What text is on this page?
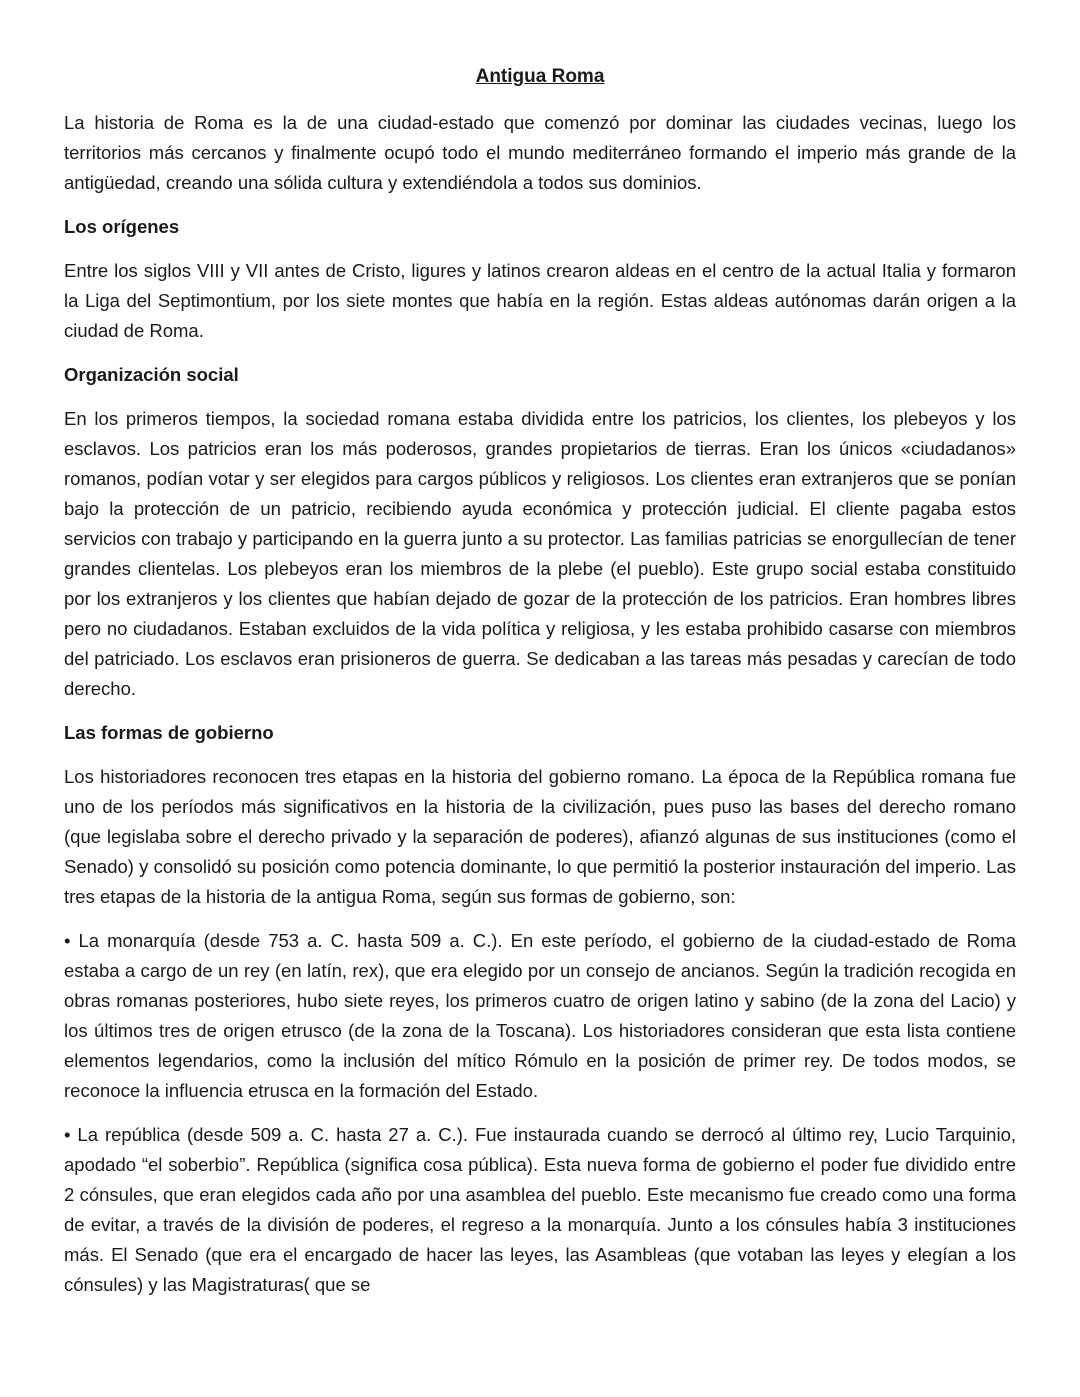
Antigua Roma

La historia de Roma es la de una ciudad-estado que comenzó por dominar las ciudades vecinas, luego los territorios más cercanos y finalmente ocupó todo el mundo mediterráneo formando el imperio más grande de la antigüedad, creando una sólida cultura y extendiéndola a todos sus dominios.

Los orígenes

Entre los siglos VIII y VII antes de Cristo, ligures y latinos crearon aldeas en el centro de la actual Italia y formaron la Liga del Septimontium, por los siete montes que había en la región. Estas aldeas autónomas darán origen a la ciudad de Roma.

Organización social

En los primeros tiempos, la sociedad romana estaba dividida entre los patricios, los clientes, los plebeyos y los esclavos. Los patricios eran los más poderosos, grandes propietarios de tierras. Eran los únicos «ciudadanos» romanos, podían votar y ser elegidos para cargos públicos y religiosos. Los clientes eran extranjeros que se ponían bajo la protección de un patricio, recibiendo ayuda económica y protección judicial. El cliente pagaba estos servicios con trabajo y participando en la guerra junto a su protector. Las familias patricias se enorgullecían de tener grandes clientelas. Los plebeyos eran los miembros de la plebe (el pueblo). Este grupo social estaba constituido por los extranjeros y los clientes que habían dejado de gozar de la protección de los patricios. Eran hombres libres pero no ciudadanos. Estaban excluidos de la vida política y religiosa, y les estaba prohibido casarse con miembros del patriciado. Los esclavos eran prisioneros de guerra. Se dedicaban a las tareas más pesadas y carecían de todo derecho.

Las formas de gobierno

Los historiadores reconocen tres etapas en la historia del gobierno romano. La época de la República romana fue uno de los períodos más significativos en la historia de la civilización, pues puso las bases del derecho romano (que legislaba sobre el derecho privado y la separación de poderes), afianzó algunas de sus instituciones (como el Senado) y consolidó su posición como potencia dominante, lo que permitió la posterior instauración del imperio. Las tres etapas de la historia de la antigua Roma, según sus formas de gobierno, son:

• La monarquía (desde 753 a. C. hasta 509 a. C.). En este período, el gobierno de la ciudad-estado de Roma estaba a cargo de un rey (en latín, rex), que era elegido por un consejo de ancianos. Según la tradición recogida en obras romanas posteriores, hubo siete reyes, los primeros cuatro de origen latino y sabino (de la zona del Lacio) y los últimos tres de origen etrusco (de la zona de la Toscana). Los historiadores consideran que esta lista contiene elementos legendarios, como la inclusión del mítico Rómulo en la posición de primer rey. De todos modos, se reconoce la influencia etrusca en la formación del Estado.

• La república (desde 509 a. C. hasta 27 a. C.). Fue instaurada cuando se derrocó al último rey, Lucio Tarquinio, apodado “el soberbio”. República (significa cosa pública). Esta nueva forma de gobierno el poder fue dividido entre 2 cónsules, que eran elegidos cada año por una asamblea del pueblo. Este mecanismo fue creado como una forma de evitar, a través de la división de poderes, el regreso a la monarquía. Junto a los cónsules había 3 instituciones más. El Senado (que era el encargado de hacer las leyes, las Asambleas (que votaban las leyes y elegían a los cónsules) y las Magistraturas( que se
